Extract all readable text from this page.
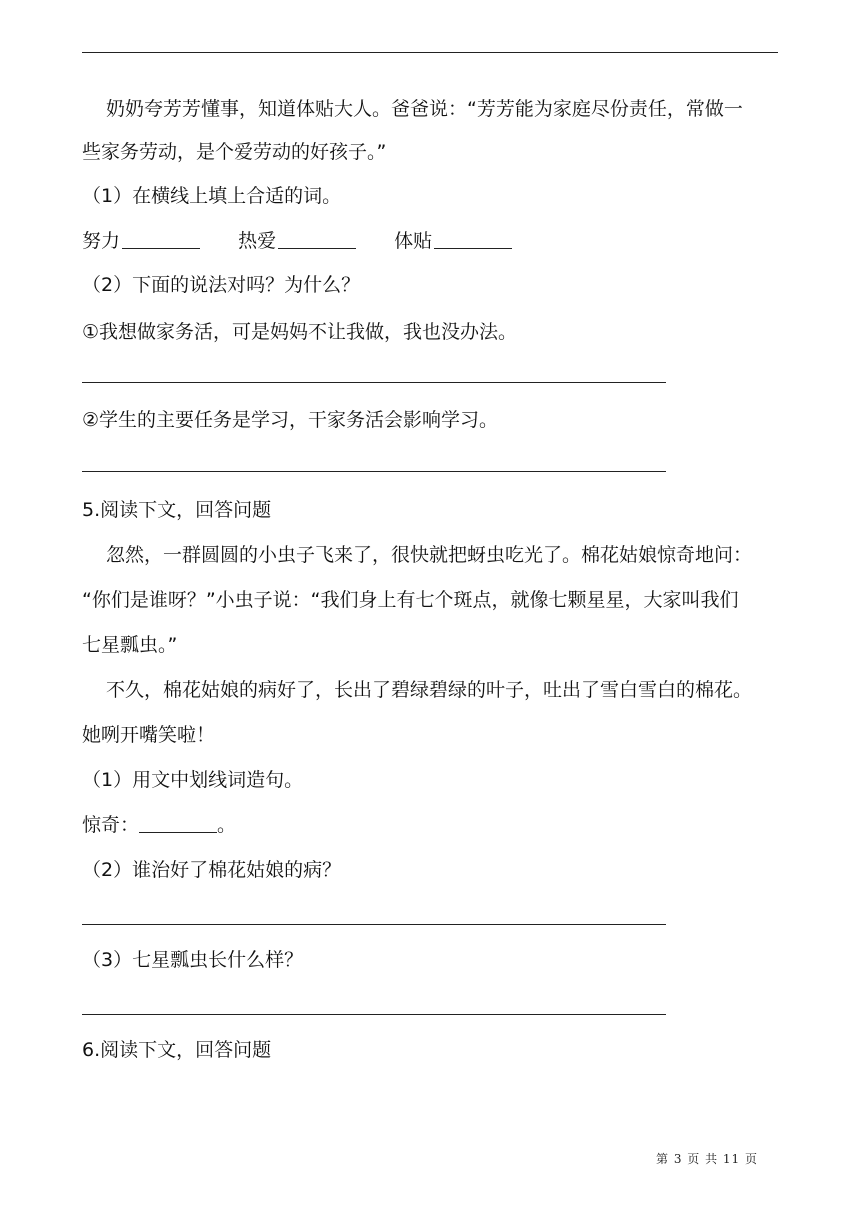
奶奶夸芳芳懂事，知道体贴大人。爸爸说：“芳芳能为家庭尽份责任，常做一
些家务劳动，是个爱劳动的好孩子。”
（1）在横线上填上合适的词。
努力	热爱	体贴
（2）下面的说法对吗？为什么？
①我想做家务活，可是妈妈不让我做，我也没办法。
②学生的主要任务是学习，干家务活会影响学习。
5.阅读下文，回答问题
忽然，一群圆圆的小虫子飞来了，很快就把蚜虫吃光了。棉花姑娘惊奇地问：
“你们是谁呀？”小虫子说：“我们身上有七个斑点，就像七颗星星，大家叫我们
七星瓢虫。”
不久，棉花姑娘的病好了，长出了碧绿碧绿的叶子，吐出了雪白雪白的棉花。
她咧开嘴笑啦！
（1）用文中划线词造句。
惊奇：	。
（2）谁治好了棉花姑娘的病？
（3）七星瓢虫长什么样？
6.阅读下文，回答问题
第 3 页 共 11 页
